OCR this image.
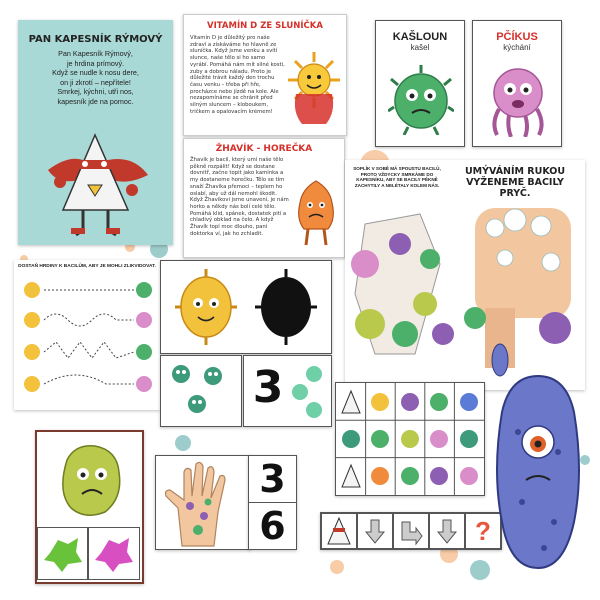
PAN KAPESNÍK RÝMOVÝ
Pan Kapesník Rýmový,
je hrdina prímový.
Když se nudle k nosu dere,
on ji zkrotí – nepřítele!
Smrkej, kýchni, utři nos,
kapesník jde na pomoc.
VITAMÍN D ZE SLUNÍČKA
Vitamín D je důležitý pro naše zdraví a získáváme ho hlavně ze sluníčka. Když jsme venku a svítí slunce, naše tělo si ho samo vyrábí. Pomáhá nám mít silné kosti, zuby a dobrou náladu. Proto je důležité trávit každý den trochu času venku – třeba při hře, procházce nebo jízdě na kole. Ale nezapomínáme se chránit před silným sluncem – kloboukem, tričkem a opalovacím krémem!
KAŠLOUN
kašel
PČÍKUS
kýchání
ŽHAVÍK - HOREČKA
Žhavík je bacil, který umí naše tělo pěkně rozpálit! Když se dostane dovnitř, začne topit jako kamínka a my dostaneme horečku. Tělo se tím snaží Žhavíka přemoci – teplem ho oslabí, aby už dál nemohl škodit. Když Žhavíkovi jsme unavení, je nám horko a někdy nás bolí celé tělo. Pomáhá klid, spánek, dostatek pití a chladivý obklad na čelo. A když Žhavík topí moc dlouho, paní doktorka ví, jak ho zchladit.
UMÝVÁNÍM RUKOU VYŽENEME BACILY PRYČ.
SOPLÍK V SOBĚ MÁ SPOUSTU BACILŮ, PROTO VŽDYCKY SMRKÁME DO KAPESNÍKU, ABY SE BACILY PĚKNĚ ZACHYTILY A NELÉTALY KOLEM NÁS.
DOSTAŇ HRDINY K BACILŮM, ABY JE MOHLI ZLIKVIDOVAT.
3
3
6	?
